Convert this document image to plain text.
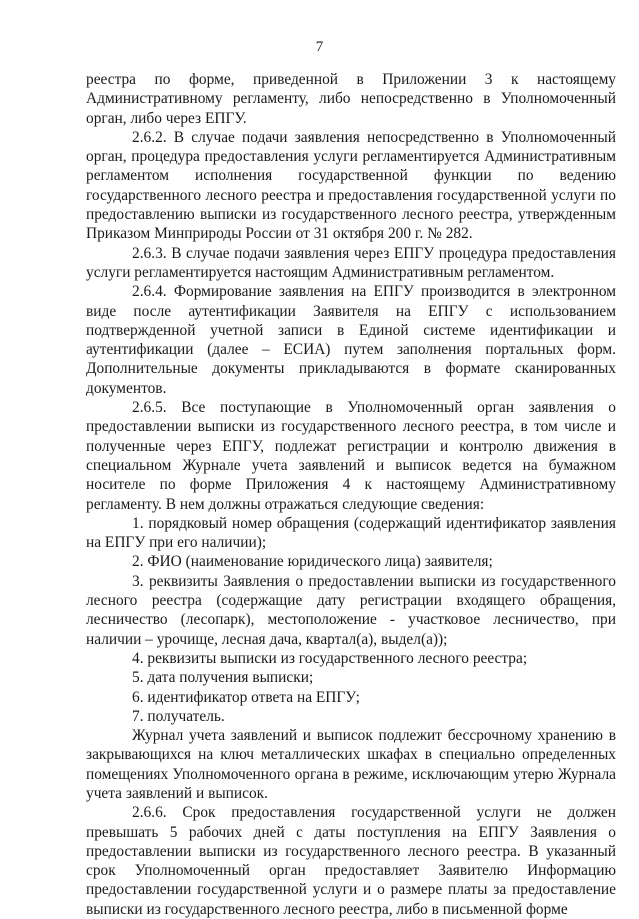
7

реестра по форме, приведенной в Приложении 3 к настоящему Административному регламенту, либо непосредственно в Уполномоченный орган, либо через ЕПГУ.

2.6.2. В случае подачи заявления непосредственно в Уполномоченный орган, процедура предоставления услуги регламентируется Административным регламентом исполнения государственной функции по ведению государственного лесного реестра и предоставления государственной услуги по предоставлению выписки из государственного лесного реестра, утвержденным Приказом Минприроды России от 31 октября 200 г. № 282.

2.6.3. В случае подачи заявления через ЕПГУ процедура предоставления услуги регламентируется настоящим Административным регламентом.

2.6.4. Формирование заявления на ЕПГУ производится в электронном виде после аутентификации Заявителя на ЕПГУ с использованием подтвержденной учетной записи в Единой системе идентификации и аутентификации (далее – ЕСИА) путем заполнения портальных форм. Дополнительные документы прикладываются в формате сканированных документов.

2.6.5. Все поступающие в Уполномоченный орган заявления о предоставлении выписки из государственного лесного реестра, в том числе и полученные через ЕПГУ, подлежат регистрации и контролю движения в специальном Журнале учета заявлений и выписок ведется на бумажном носителе по форме Приложения 4 к настоящему Административному регламенту. В нем должны отражаться следующие сведения:

1. порядковый номер обращения (содержащий идентификатор заявления на ЕПГУ при его наличии);

2. ФИО (наименование юридического лица) заявителя;

3. реквизиты Заявления о предоставлении выписки из государственного лесного реестра (содержащие дату регистрации входящего обращения, лесничество (лесопарк), местоположение - участковое лесничество, при наличии – урочище, лесная дача, квартал(а), выдел(а));

4. реквизиты выписки из государственного лесного реестра;

5. дата получения выписки;

6. идентификатор ответа на ЕПГУ;

7. получатель.

Журнал учета заявлений и выписок подлежит бессрочному хранению в закрывающихся на ключ металлических шкафах в специально определенных помещениях Уполномоченного органа в режиме, исключающим утерю Журнала учета заявлений и выписок.

2.6.6. Срок предоставления государственной услуги не должен превышать 5 рабочих дней с даты поступления на ЕПГУ Заявления о предоставлении выписки из государственного лесного реестра. В указанный срок Уполномоченный орган предоставляет Заявителю Информацию предоставлении государственной услуги и о размере платы за предоставление выписки из государственного лесного реестра, либо в письменной форме
